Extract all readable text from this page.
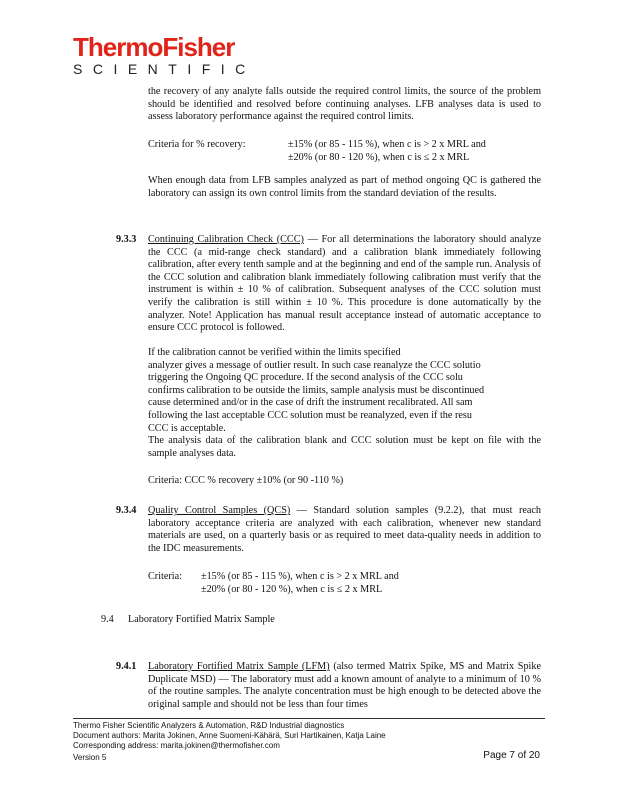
ThermoFisher
SCIENTIFIC
the recovery of any analyte falls outside the required control limits, the source of the problem should be identified and resolved before continuing analyses. LFB analyses data is used to assess laboratory performance against the required control limits.
Criteria for % recovery:	±15% (or 85 - 115 %), when c is > 2 x MRL and
±20% (or 80 - 120 %), when c is ≤ 2 x MRL
When enough data from LFB samples analyzed as part of method ongoing QC is gathered the laboratory can assign its own control limits from the standard deviation of the results.
9.3.3 Continuing Calibration Check (CCC) — For all determinations the laboratory should analyze the CCC (a mid-range check standard) and a calibration blank immediately following calibration, after every tenth sample and at the beginning and end of the sample run. Analysis of the CCC solution and calibration blank immediately following calibration must verify that the instrument is within ± 10 % of calibration. Subsequent analyses of the CCC solution must verify the calibration is still within ± 10 %. This procedure is done automatically by the analyzer. Note! Application has manual result acceptance instead of automatic acceptance to ensure CCC protocol is followed.
If the calibration cannot be verified within the limits specified
analyzer gives a message of outlier result. In such case reanalyze the CCC solutio
triggering the Ongoing QC procedure. If the second analysis of the CCC solu
confirms calibration to be outside the limits, sample analysis must be discontinued
cause determined and/or in the case of drift the instrument recalibrated. All sam
following the last acceptable CCC solution must be reanalyzed, even if the resu
CCC is acceptable.
The analysis data of the calibration blank and CCC solution must be kept on file with the sample analyses data.
Criteria: CCC % recovery ±10% (or 90 -110 %)
9.3.4 Quality Control Samples (QCS) — Standard solution samples (9.2.2), that must reach laboratory acceptance criteria are analyzed with each calibration, whenever new standard materials are used, on a quarterly basis or as required to meet data-quality needs in addition to the IDC measurements.
Criteria: ±15% (or 85 - 115 %), when c is > 2 x MRL and
±20% (or 80 - 120 %), when c is ≤ 2 x MRL
9.4 Laboratory Fortified Matrix Sample
9.4.1 Laboratory Fortified Matrix Sample (LFM) (also termed Matrix Spike, MS and Matrix Spike Duplicate MSD) — The laboratory must add a known amount of analyte to a minimum of 10 % of the routine samples. The analyte concentration must be high enough to be detected above the original sample and should not be less than four times
Thermo Fisher Scientific Analyzers & Automation, R&D Industrial diagnostics
Document authors: Marita Jokinen, Anne Suomeni-Kähärä, Suri Hartikainen, Katja Laine
Corresponding address: marita.jokinen@thermofisher.com
Version 5	Page 7 of 20
